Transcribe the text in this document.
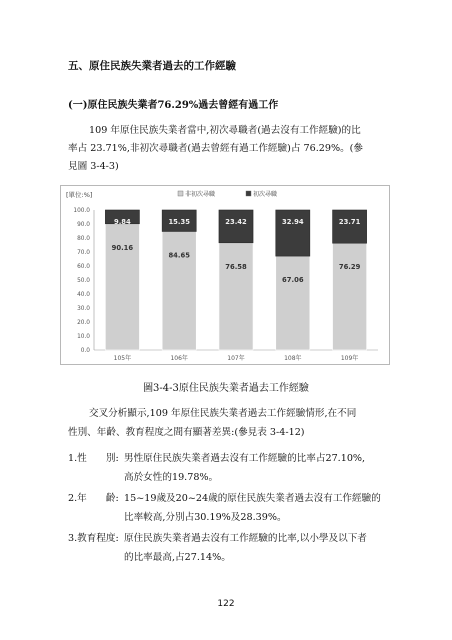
五、原住民族失業者過去的工作經驗
(一)原住民族失業者76.29%過去曾經有過工作
109 年原住民族失業者當中,初次尋職者(過去沒有工作經驗)的比
率占 23.71%,非初次尋職者(過去曾經有過工作經驗)占 76.29%。(參
見圖 3-4-3)
[單位:%]	非初次尋職	初次尋職
0.0
10.0
20.0
30.0
40.0
50.0
60.0
70.0
80.0
90.0
100.0
90.16
9.84
105年
84.65
15.35
106年
76.58
23.42
107年
67.06
32.94
108年
76.29
23.71
109年
圖3-4-3原住民族失業者過去工作經驗
交叉分析顯示,109 年原住民族失業者過去工作經驗情形,在不同
性別、年齡、教育程度之間有顯著差異:(參見表 3-4-12)
1.性　　別: 男性原住民族失業者過去沒有工作經驗的比率占27.10%,
高於女性的19.78%。
2.年　　齡: 15~19歲及20~24歲的原住民族失業者過去沒有工作經驗的
比率較高,分別占30.19%及28.39%。
3.教育程度: 原住民族失業者過去沒有工作經驗的比率,以小學及以下者
的比率最高,占27.14%。
122
